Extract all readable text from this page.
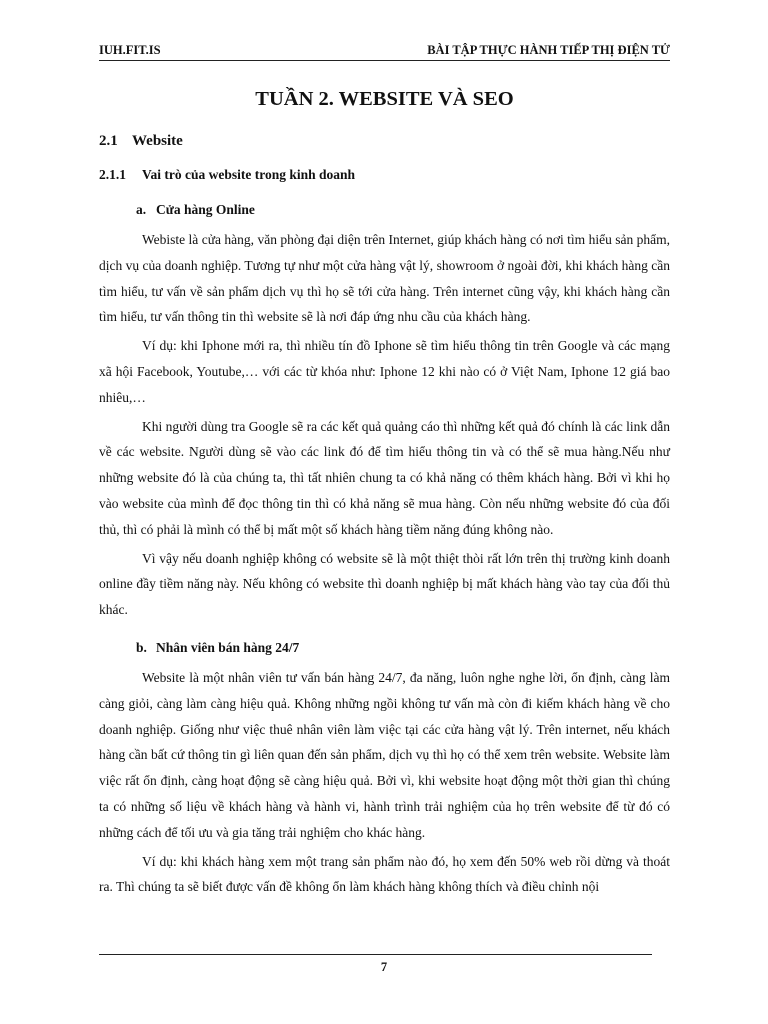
IUH.FIT.IS	BÀI TẬP THỰC HÀNH TIẾP THỊ ĐIỆN TỬ
TUẦN 2. WEBSITE VÀ SEO
2.1 Website
2.1.1	Vai trò của website trong kinh doanh
a. Cửa hàng Online

Webiste là cửa hàng, văn phòng đại diện trên Internet, giúp khách hàng có nơi tìm hiểu sản phẩm, dịch vụ của doanh nghiệp. Tương tự như một cửa hàng vật lý, showroom ở ngoài đời, khi khách hàng cần tìm hiểu, tư vấn về sản phẩm dịch vụ thì họ sẽ tới cửa hàng. Trên internet cũng vậy, khi khách hàng cần tìm hiểu, tư vấn thông tin thì website sẽ là nơi đáp ứng nhu cầu của khách hàng.

Ví dụ: khi Iphone mới ra, thì nhiều tín đồ Iphone sẽ tìm hiểu thông tin trên Google và các mạng xã hội Facebook, Youtube,… với các từ khóa như: Iphone 12 khi nào có ở Việt Nam, Iphone 12 giá bao nhiêu,…

Khi người dùng tra Google sẽ ra các kết quả quảng cáo thì những kết quả đó chính là các link dẫn về các website. Người dùng sẽ vào các link đó để tìm hiểu thông tin và có thể sẽ mua hàng.Nếu như những website đó là của chúng ta, thì tất nhiên chung ta có khả năng có thêm khách hàng. Bởi vì khi họ vào website của mình để đọc thông tin thì có khả năng sẽ mua hàng. Còn nếu những website đó của đối thủ, thì có phải là mình có thể bị mất một số khách hàng tiềm năng đúng không nào.

Vì vậy nếu doanh nghiệp không có website sẽ là một thiệt thòi rất lớn trên thị trường kinh doanh online đầy tiềm năng này. Nếu không có website thì doanh nghiệp bị mất khách hàng vào tay của đối thủ khác.

b. Nhân viên bán hàng 24/7

Website là một nhân viên tư vấn bán hàng 24/7, đa năng, luôn nghe nghe lời, ổn định, càng làm càng giỏi, càng làm càng hiệu quả. Không những ngồi không tư vấn mà còn đi kiếm khách hàng về cho doanh nghiệp. Giống như việc thuê nhân viên làm việc tại các cửa hàng vật lý. Trên internet, nếu khách hàng cần bất cứ thông tin gì liên quan đến sản phẩm, dịch vụ thì họ có thể xem trên website. Website làm việc rất ổn định, càng hoạt động sẽ càng hiệu quả. Bởi vì, khi website hoạt động một thời gian thì chúng ta có những số liệu về khách hàng và hành vi, hành trình trải nghiệm của họ trên website để từ đó có những cách để tối ưu và gia tăng trải nghiệm cho khác hàng.

Ví dụ: khi khách hàng xem một trang sản phẩm nào đó, họ xem đến 50% web rồi dừng và thoát ra. Thì chúng ta sẽ biết được vấn đề không ổn làm khách hàng không thích và điều chỉnh nội

7
